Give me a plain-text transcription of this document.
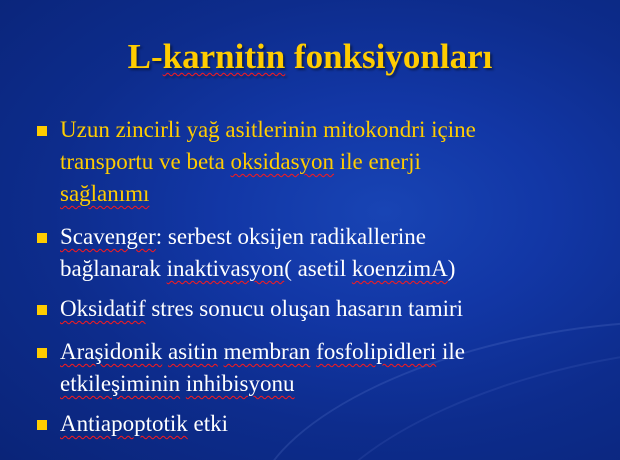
L-karnitin fonksiyonları
Uzun zincirli yağ asitlerinin mitokondri içine
transportu ve beta oksidasyon ile enerji
sağlanımı
Scavenger: serbest oksijen radikallerine
bağlanarak inaktivasyon( asetil koenzimA)
Oksidatif stres sonucu oluşan hasarın tamiri
Araşidonik asitin membran fosfolipidleri ile
etkileşiminin inhibisyonu
Antiapoptotik etki
